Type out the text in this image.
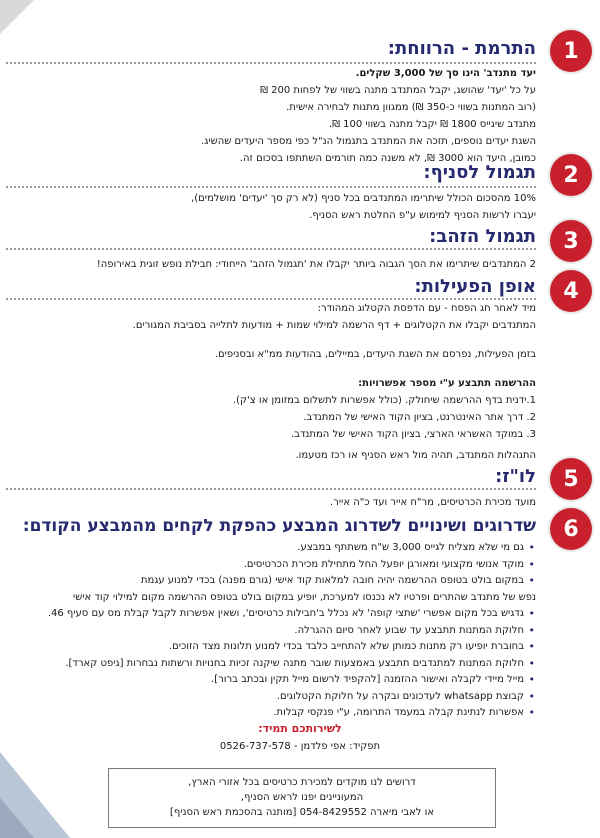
1
התרמת - הרווחת:

יעד מתנדב' הינו סך של 3,000 שקלים.

על כל 'יעד' שהושג, יקבל המתנדב מתנה בשווי של לפחות 200 ₪

(רוב המתנות בשווי כ-350 ₪) ממגוון מתנות לבחירה אישית.

מתנדב שיגייס 1800 ₪ יקבל מתנה בשווי 100 ₪.

השגת יעדים נוספים, תזכה את המתנדב בתגמול הנ"ל כפי מספר היעדים שהשיג.

כמובן, היעד הוא 3000 ₪, לא משנה כמה תורמים השתתפו בסכום זה.

2
תגמול לסניף:

10% מהסכום הכולל שיתרימו המתנדבים בכל סניף (לא רק סך 'יעדים' מושלמים),

יעברו לרשות הסניף למימוש ע"פ החלטת ראש הסניף.

3
תגמול הזהב:

2 המתנדבים שיתרימו את הסך הגבוה ביותר יקבלו את 'תגמול הזהב' הייחודי: חבילת נופש זוגית באירופה!

4
אופן הפעילות:

מיד לאחר חג הפסח - עם הדפסת הקטלוג המהודר:

המתנדבים יקבלו את הקטלוגים + דף הרשמה למילוי שמות + מודעות לתלייה בסביבת המגורים.

בזמן הפעילות, נפרסם את השגת היעדים, במיילים, בהודעות ממ"א ובסניפים.

ההרשמה תתבצע ע"י מספר אפשרויות:

1.ידנית בדף ההרשמה שיחולק. (כולל אפשרות לתשלום במזומן או צ'ק).

2. דרך אתר האינטרנט, בציון הקוד האישי של המתנדב.

3. במוקד האשראי הארצי, בציון הקוד האישי של המתנדב.

התנהלות המתנדב, תהיה מול ראש הסניף או רכז מטעמו.

5
לו"ז:

מועד מכירת הכרטיסים, מר"ח אייר ועד כ"ה אייר.

6
שדרוגים ושינויים לשדרוג המבצע כהפקת לקחים מהמבצע הקודם:
• גם מי שלא מצליח לגייס 3,000 ש"ח משתתף במבצע.
• מוקד אנושי מקצועי ומאורגן יופעל החל מתחילת מכירת הכרטיסים.
• במקום בולט בטופס ההרשמה יהיה חובה למלאות קוד אישי (גורם מפנה) בכדי למנוע עגמת
נפש של מתנדב שהתרים ופרטיו לא נכנסו למערכת, יופיע במקום בולט בטופס ההרשמה מקום למילוי קוד אישי
• גדגיש בכל מקום אפשרי 'שתצי קופה' לא נכלל ב'חבילות כרטיסים', ושאין אפשרות לקבל קבלת מס עם סעיף 46.
• חלוקת המתנות תתבצע עד שבוע לאחר סיום ההגרלה.
• בחוברת יופיעו רק מתנות כמותן שלא להתחייב כלבד בכדי למנוע תלונות מצד הזוכים.
• חלוקת המתנות למתנדבים תתבצע באמצעות שובר מתנה שיקנה זכיות בחנויות ורשתות נבחרות [גיפט קארד].
• מייל מיידי לקבלה ואישור ההזמנה [להקפיד לרשום מייל תקין ובכתב ברור].
• קבוצת whatsapp לעדכונים ובקרה על חלוקת הקטלוגים.
• אפשרות לנתינת קבלה במעמד התרומה, ע"י פנקסי קבלות.
לשירותכם תמיד:
תפקיד: אפי פלדמן - 0526-737-578

דרושים לנו מוקדים למכירת כרטיסים בכל אזורי הארץ,

המעוניינים יפנו לראש הסניף,

או לאבי מיארה 054-8429552 [מותנה בהסכמת ראש הסניף]
